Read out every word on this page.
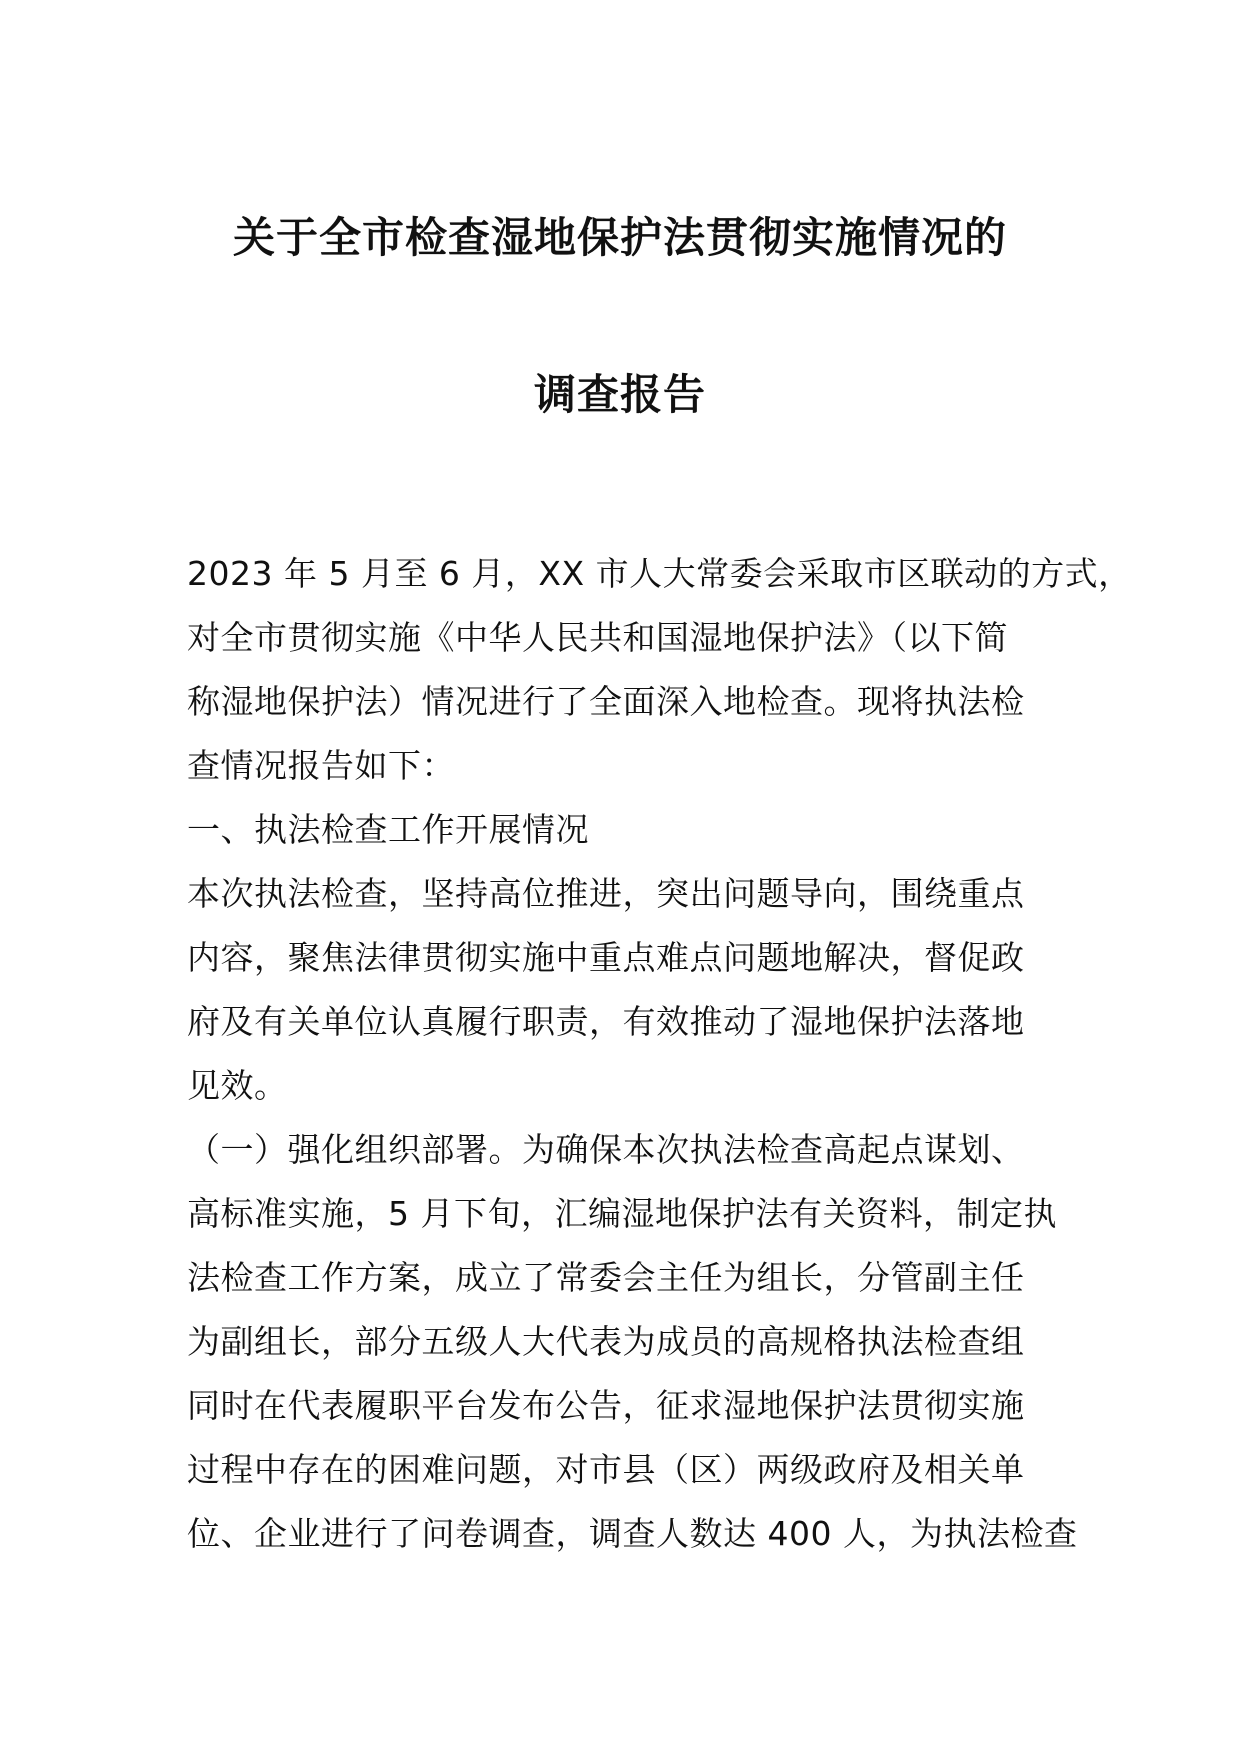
关于全市检查湿地保护法贯彻实施情况的
调查报告
2023 年 5 月至 6 月，XX 市人大常委会采取市区联动的方式，
对全市贯彻实施《中华人民共和国湿地保护法》（以下简
称湿地保护法）情况进行了全面深入地检查。现将执法检
查情况报告如下：
一、执法检查工作开展情况
本次执法检查，坚持高位推进，突出问题导向，围绕重点
内容，聚焦法律贯彻实施中重点难点问题地解决，督促政
府及有关单位认真履行职责，有效推动了湿地保护法落地
见效。
（一）强化组织部署。为确保本次执法检查高起点谋划、
高标准实施，5 月下旬，汇编湿地保护法有关资料，制定执
法检查工作方案，成立了常委会主任为组长，分管副主任
为副组长，部分五级人大代表为成员的高规格执法检查组
同时在代表履职平台发布公告，征求湿地保护法贯彻实施
过程中存在的困难问题，对市县（区）两级政府及相关单
位、企业进行了问卷调查，调查人数达 400 人，为执法检查
